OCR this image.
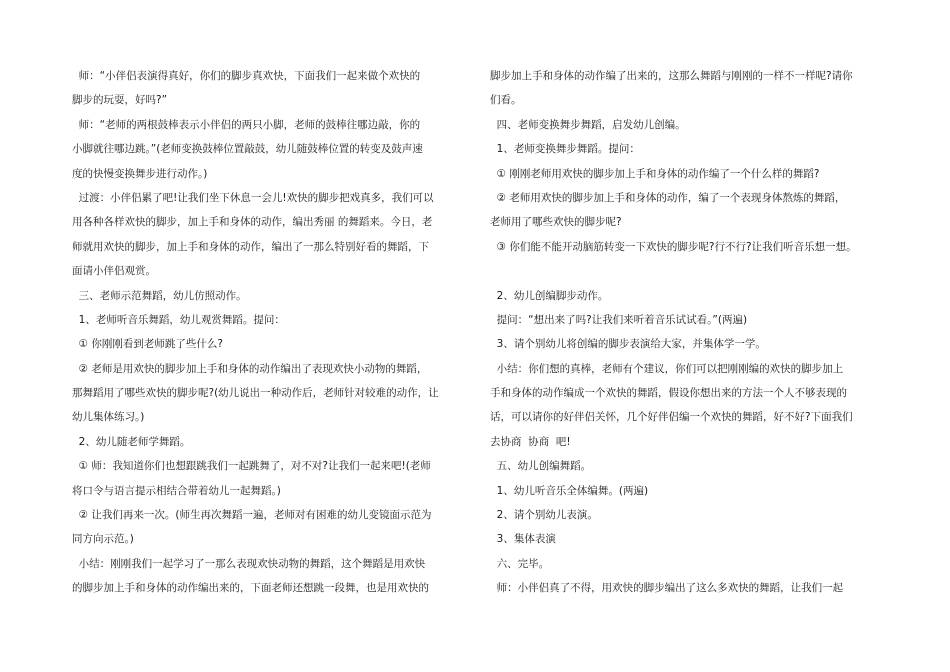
师：“小伴侣表演得真好，你们的脚步真欢快，下面我们一起来做个欢快的
脚步的玩耍，好吗?”
师：“老师的两根鼓棒表示小伴侣的两只小脚，老师的鼓棒往哪边敲，你的
小脚就往哪边跳。”(老师变换鼓棒位置敲鼓，幼儿随鼓棒位置的转变及鼓声速
度的快慢变换舞步进行动作。)
过渡：小伴侣累了吧!让我们坐下休息一会儿!欢快的脚步把戏真多，我们可以
用各种各样欢快的脚步，加上手和身体的动作，编出秀丽 的舞蹈来。今日，老
师就用欢快的脚步，加上手和身体的动作，编出了一那么特别好看的舞蹈，下
面请小伴侣观赏。
三、老师示范舞蹈，幼儿仿照动作。
1、老师听音乐舞蹈，幼儿观赏舞蹈。提问：
① 你刚刚看到老师跳了些什么?
② 老师是用欢快的脚步加上手和身体的动作编出了表现欢快小动物的舞蹈，
那舞蹈用了哪些欢快的脚步呢?(幼儿说出一种动作后，老师针对较难的动作，让
幼儿集体练习。)
2、幼儿随老师学舞蹈。
① 师：我知道你们也想跟跳我们一起跳舞了，对不对?让我们一起来吧!(老师
将口令与语言提示相结合带着幼儿一起舞蹈。)
② 让我们再来一次。(师生再次舞蹈一遍，老师对有困难的幼儿变镜面示范为
同方向示范。)
小结：刚刚我们一起学习了一那么表现欢快动物的舞蹈，这个舞蹈是用欢快
的脚步加上手和身体的动作编出来的，下面老师还想跳一段舞，也是用欢快的
脚步加上手和身体的动作编了出来的，这那么舞蹈与刚刚的一样不一样呢?请你
们看。
四、老师变换舞步舞蹈，启发幼儿创编。
1、老师变换舞步舞蹈。提问：
① 刚刚老师用欢快的脚步加上手和身体的动作编了一个什么样的舞蹈?
② 老师用欢快的脚步加上手和身体的动作，编了一个表现身体熬炼的舞蹈，
老师用了哪些欢快的脚步呢?
③ 你们能不能开动脑筋转变一下欢快的脚步呢?行不行?让我们听音乐想一想。
2、幼儿创编脚步动作。
提问：“想出来了吗?让我们来听着音乐试试看。”(两遍)
3、请个别幼儿将创编的脚步表演给大家，并集体学一学。
小结：你们想的真棒，老师有个建议，你们可以把刚刚编的欢快的脚步加上
手和身体的动作编成一个欢快的舞蹈，假设你想出来的方法一个人不够表现的
话，可以请你的好伴侣关怀，几个好伴侣编一个欢快的舞蹈，好不好?下面我们
去协商  协商  吧!
五、幼儿创编舞蹈。
1、幼儿听音乐全体编舞。(两遍)
2、请个别幼儿表演。
3、集体表演
六、完毕。
师：小伴侣真了不得，用欢快的脚步编出了这么多欢快的舞蹈，让我们一起
